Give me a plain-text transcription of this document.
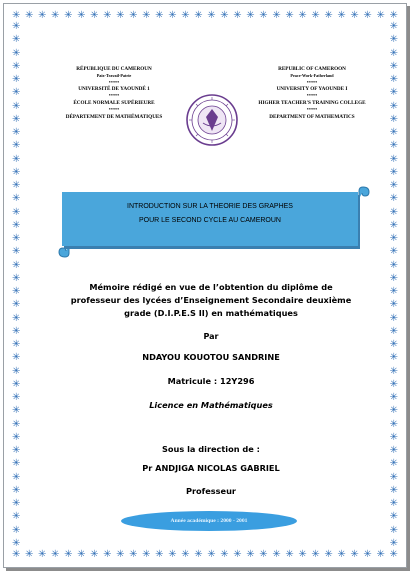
✳ ✳ ✳ ✳ ✳ ✳ ✳ ✳ ✳ ✳ ✳ ✳ ✳ ✳ ✳ ✳ ✳ ✳ ✳ ✳ ✳ ✳ ✳ ✳ ✳ ✳ ✳ ✳ ✳ ✳
✳ ✳ ✳ ✳ ✳ ✳ ✳ ✳ ✳ ✳ ✳ ✳ ✳ ✳ ✳ ✳ ✳ ✳ ✳ ✳ ✳ ✳ ✳ ✳ ✳ ✳ ✳ ✳ ✳ ✳
✳
✳
✳
✳
✳
✳
✳
✳
✳
✳
✳
✳
✳
✳
✳
✳
✳
✳
✳
✳
✳
✳
✳
✳
✳
✳
✳
✳
✳
✳
✳
✳
✳
✳
✳
✳
✳
✳
✳
✳
✳
✳
✳
✳
✳
✳
✳
✳
✳
✳
✳
✳
✳
✳
✳
✳
✳
✳
✳
✳
✳
✳
✳
✳
✳
✳
✳
✳
✳
✳
✳
✳
✳
✳
✳
✳
✳
✳
✳
✳
RÉPUBLIQUE DU CAMEROUN
Paix-Travail-Patrie
*****
UNIVERSITÉ DE YAOUNDÉ 1
*****
ÉCOLE NORMALE SUPÉRIEURE
*****
DÉPARTEMENT DE MATHÉMATIQUES
REPUBLIC OF CAMEROON
Peace-Work-Fatherland
*****
UNIVERSITY OF YAOUNDE I
*****
HIGHER TEACHER'S TRAINING COLLEGE
*****
DEPARTMENT OF MATHEMATICS
INTRODUCTION SUR LA THEORIE DES GRAPHES
POUR LE SECOND CYCLE AU CAMEROUN
Mémoire rédigé en vue de l’obtention du diplôme de
professeur des lycées d’Enseignement Secondaire deuxième
grade (D.I.P.E.S II) en mathématiques
Par
NDAYOU KOUOTOU SANDRINE
Matricule : 12Y296
Licence en Mathématiques
Sous la direction de :
Pr ANDJIGA NICOLAS GABRIEL
Professeur
Année académique : 2000 - 2001
